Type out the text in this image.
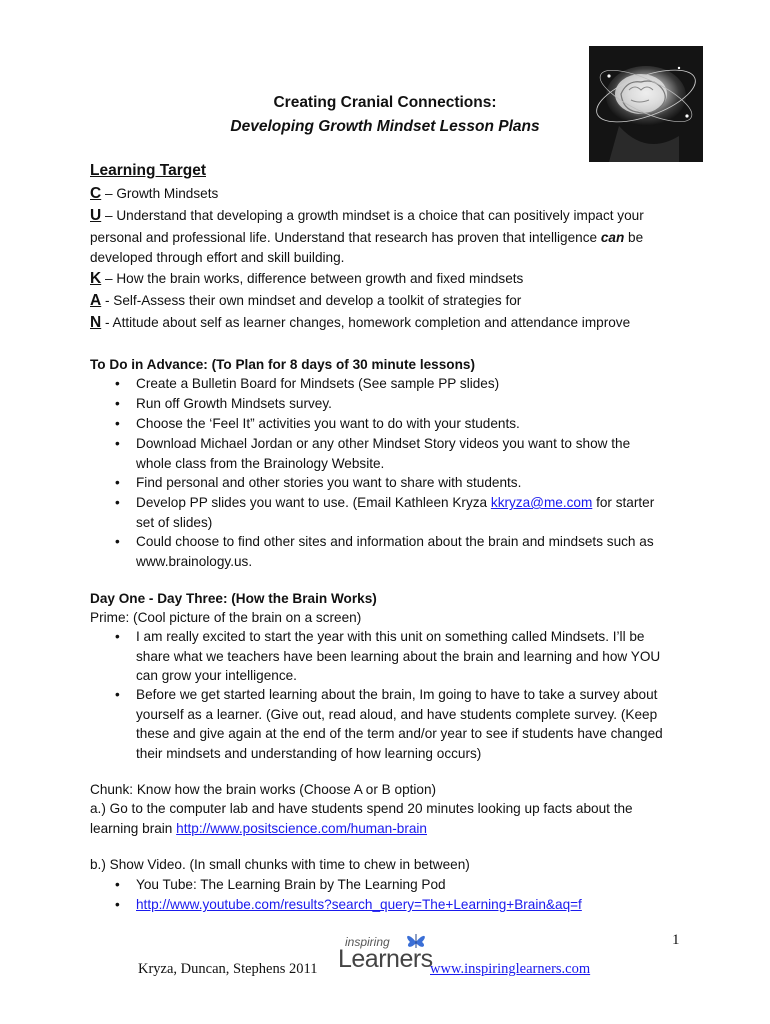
Creating Cranial Connections:
Developing Growth Mindset Lesson Plans
Learning Target
C – Growth Mindsets
U – Understand that developing a growth mindset is a choice that can positively impact your
personal and professional life. Understand that research has proven that intelligence can be
developed through effort and skill building.
K – How the brain works, difference between growth and fixed mindsets
A - Self-Assess their own mindset and develop a toolkit of strategies for
N - Attitude about self as learner changes, homework completion and attendance improve
To Do in Advance: (To Plan for 8 days of 30 minute lessons)
Create a Bulletin Board for Mindsets (See sample PP slides)
Run off Growth Mindsets survey.
Choose the ‘Feel It” activities you want to do with your students.
Download Michael Jordan or any other Mindset Story videos you want to show the
whole class from the Brainology Website.
Find personal and other stories you want to share with students.
Develop PP slides you want to use. (Email Kathleen Kryza kkryza@me.com for starter
set of slides)
Could choose to find other sites and information about the brain and mindsets such as
www.brainology.us.
Day One - Day Three: (How the Brain Works)
Prime: (Cool picture of the brain on a screen)
I am really excited to start the year with this unit on something called Mindsets. I’ll be
share what we teachers have been learning about the brain and learning and how YOU
can grow your intelligence.
Before we get started learning about the brain, Im going to have to take a survey about
yourself as a learner. (Give out, read aloud, and have students complete survey. (Keep
these and give again at the end of the term and/or year to see if students have changed
their mindsets and understanding of how learning occurs)
Chunk: Know how the brain works (Choose A or B option)
a.) Go to the computer lab and have students spend 20 minutes looking up facts about the
learning brain http://www.positscience.com/human-brain
b.) Show Video. (In small chunks with time to chew in between)
You Tube: The Learning Brain by The Learning Pod
http://www.youtube.com/results?search_query=The+Learning+Brain&aq=f
1
Kryza, Duncan, Stephens 2011
inspiring
Learners
www.inspiringlearners.com
